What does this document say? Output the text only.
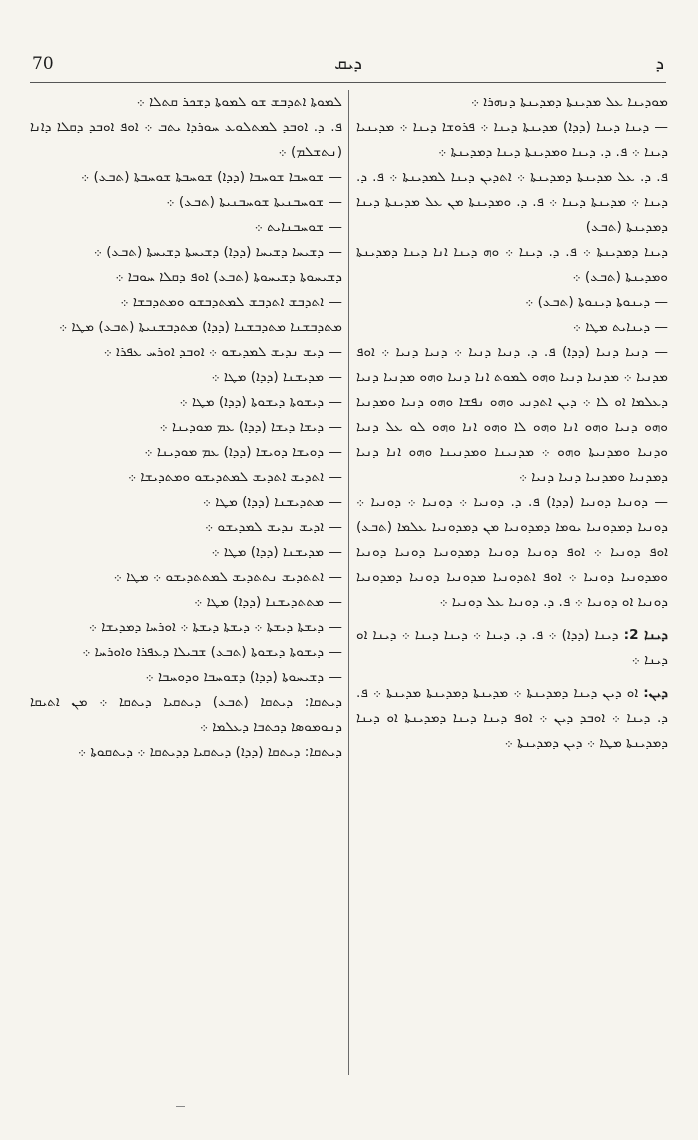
70	ܕܝܩ	ܕ

ܠܡܘܬܐ ܐܬܕܒܫ ܫܘ ܠܡܘܬܐ ܕܫܟܪ ܩܬܠܐ ܀

ܦ. ܕ. ܐܘܒܕ ܠܡܬܠܘܥ ܚܘܪܕܐ ܝܬܒ ܀ ܐܘܦ ܐܘܒܕ ܕܩܠܐ ܕܐܢܐ (ܢܬܫܠܡ) ܀

— ܫܘܚܒܐ ܫܘܚܒܐ (ܕܕܐ) ܫܘܚܒܬܐ ܫܘܚܒܬܐ (ܬܒܥ) ܀

— ܫܘܚܒܢܝܬܐ ܫܘܚܒܢܝܬܐ (ܬܒܥ) ܀

— ܫܘܚܒܢܐܝܬ ܀

— ܕܫܝܚܐ ܕܫܝܚܐ (ܕܕܐ) ܕܫܝܚܬܐ ܕܫܝܚܬܐ (ܬܒܥ) ܀

ܕܫܝܚܘܬܐ ܕܫܝܚܘܬܐ (ܬܒܥ) ܐܘܦ ܕܩܠܐ ܚܘܒܐ ܀

— ܐܬܕܒܫ ܐܬܕܒܫ ܠܡܬܕܒܫܘ ܘܡܬܕܒܫܐ ܀

ܡܬܕܒܫܢܐ ܡܬܕܒܫܢܐ (ܕܕܐ) ܡܬܕܒܫܢܝܬܐ (ܬܒܥ) ܡܛܐ ܀

— ܕܝܫ ܢܕܝܫ ܠܡܕܝܫܘ ܀ ܐܘܒܕ ܐܘܪܚ ܥܦܪܐ ܀

— ܡܕܝܫܢܐ (ܕܕܐ) ܡܛܐ ܀

— ܕܝܫܘܬܐ ܕܝܫܘܬܐ (ܕܕܐ) ܡܛܐ ܀

— ܕܝܫܐ ܕܝܫܐ (ܕܕܐ) ܥܡ ܡܘܕܝܢܐ ܀

— ܕܘܝܫܐ ܕܘܝܫܐ (ܕܕܐ) ܥܡ ܡܘܕܝܢܐ ܀

— ܐܬܕܝܫ ܐܬܕܝܫ ܠܡܬܕܝܫܘ ܘܡܬܕܝܫܐ ܀

— ܡܬܕܝܫܢܐ (ܕܕܐ) ܡܛܐ ܀

— ܐܕܝܫ ܢܕܝܫ ܠܡܕܝܫܘ ܀

— ܡܕܝܫܢܐ (ܕܕܐ) ܡܛܐ ܀

— ܐܬܬܕܝܫ ܢܬܬܕܝܫ ܠܡܬܬܕܝܫܘ ܀ ܡܛܐ ܀

— ܡܬܬܕܝܫܢܐ (ܕܕܐ) ܡܛܐ ܀

— ܕܝܫܬܐ ܕܝܫܬܐ ܀ ܕܝܫܬܐ ܕܝܫܬܐ ܀ ܐܘܪܚܐ ܕܡܕܝܫܐ ܀

— ܕܝܫܘܬܐ ܕܝܫܘܬܐ (ܬܒܥ) ܫܒܝܠܐ ܕܥܦܪܐ ܘܐܘܪܚܐ ܀

— ܕܫܝܚܘܬܐ (ܕܕܐ) ܕܫܘܚܒܐ ܘܕܘܚܒܐ ܀

ܕܝܬܩܐ: ܕܝܬܩܐ (ܬܒܥ) ܕܝܬܩܝܐ ܕܝܬܩܐ ܀ ܡܢ ܐܬܝܩܐ ܕܢܘܡܘܣܐ ܕܟܬܒܐ ܕܥܠܡܐ ܀

ܕܝܬܩܐ: ܕܝܬܩܐ (ܕܕܐ) ܕܝܬܩܝܐ ܕܕܝܬܩܐ ܀ ܕܝܬܩܘܬܐ ܀

ܡܘܕܝܢܐ ܥܠ ܡܕܝܢܬܐ ܕܡܕܝܢܬܐ ܕܢܗܪܐ ܀

— ܕܝܢܐ ܕܝܢܐ (ܕܕܐ) ܡܕܝܢܬܐ ܕܝܢܐ ܀ ܦܪܘܫܐ ܕܝܢܐ ܀ ܡܕܝܢܝܐ ܕܝܢܐ ܀ ܦ. ܕ. ܕܝܢܐ ܘܡܕܝܢܬܐ ܕܝܢܐ ܕܡܕܝܢܬܐ ܀

ܦ. ܕ. ܥܠ ܡܕܝܢܬܐ ܕܡܕܝܢܬܐ ܀ ܐܬܕܝܢ ܕܝܢܐ ܠܡܕܝܢܬܐ ܀ ܦ. ܕ. ܕܝܢܐ ܀ ܡܕܝܢܬܐ ܕܝܢܐ ܀ ܦ. ܕ. ܘܡܕܝܢܬܐ ܡܢ ܥܠ ܡܕܝܢܬܐ ܕܝܢܐ ܕܡܕܝܢܬܐ (ܬܒܥ)

ܕܝܢܐ ܕܡܕܝܢܬܐ ܀ ܦ. ܕ. ܕܝܢܐ ܀ ܘܗ ܕܝܢܐ ܐܢܐ ܕܝܢܐ ܕܡܕܝܢܬܐ ܘܡܕܝܢܬܐ (ܬܒܥ) ܀

— ܕܝܢܘܬܐ ܕܝܢܘܬܐ (ܬܒܥ) ܀

— ܕܝܢܐܝܬ ܡܛܐ ܀

— ܕܢܝܐ ܕܢܝܐ (ܕܕܐ) ܦ. ܕ. ܕܢܝܐ ܕܢܝܐ ܀ ܕܢܝܐ ܕܢܝܐ ܀ ܐܘܦ ܡܕܢܝܐ ܀ ܡܕܢܝܐ ܕܢܝܐ ܘܗܘ ܠܡܘܬ ܐܢܐ ܕܢܝܐ ܘܗܘ ܡܕܢܝܐ ܕܢܝܐ ܕܥܠܡܐ ܐܘ ܠܐ ܀ ܕܝܢ ܐܬܕܢܝ ܘܗܘ ܢܦܫܐ ܘܗܘ ܕܢܝܐ ܘܡܕܢܝܐ ܘܗܘ ܕܢܝܐ ܘܗܘ ܐܢܐ ܘܗܘ ܠܐ ܘܗܘ ܐܢܐ ܘܗܘ ܠܘ ܥܠ ܕܢܝܐ ܘܕܢܝܐ ܘܡܕܢܝܬܐ ܘܗܘ ܀ ܡܕܢܝܢܐ ܘܡܕܢܝܢܐ ܘܗܘ ܐܢܐ ܕܢܝܐ ܕܡܕܢܝܐ ܘܡܕܢܝܐ ܕܢܝܐ ܕܢܝܐ ܀

— ܕܘܢܝܐ ܕܘܢܝܐ (ܕܕܐ) ܦ. ܕ. ܕܘܢܝܐ ܀ ܕܘܢܝܐ ܀ ܕܘܢܝܐ ܀ ܕܘܢܝܐ ܕܡܕܘܢܝܐ ܝܘܡܐ ܕܡܕܘܢܝܐ ܡܢ ܕܡܕܘܢܝܐ ܥܠܡܐ (ܬܒܥ) ܐܘܦ ܕܘܢܝܐ ܀ ܐܘܦ ܕܘܢܝܐ ܕܘܢܝܐ ܕܡܕܘܢܝܐ ܕܘܢܝܐ ܕܘܢܝܐ ܘܡܕܘܢܝܐ ܕܘܢܝܐ ܀ ܐܘܦ ܐܬܕܘܢܝܐ ܡܕܘܢܝܐ ܕܘܢܝܐ ܕܡܕܘܢܝܐ ܕܘܢܝܐ ܐܘ ܕܘܢܝܐ ܀ ܦ. ܕ. ܕܘܢܝܐ ܥܠ ܕܘܢܝܐ ܀

ܕܝܢܐ 2: ܕܝܢܐ (ܕܕܐ) ܀ ܦ. ܕ. ܕܝܢܐ ܀ ܕܝܢܐ ܕܝܢܐ ܀ ܕܝܢܐ ܐܘ ܕܝܢܐ ܀

ܕܝܢ: ܐܘ ܕܝܢ ܕܝܢܐ ܕܡܕܝܢܬܐ ܀ ܡܕܝܢܬܐ ܕܡܕܝܢܬܐ ܡܕܝܢܬܐ ܀ ܦ. ܕ. ܕܝܢܐ ܀ ܐܘܒܕ ܕܝܢ ܀ ܐܘܦ ܕܝܢܐ ܕܝܢܐ ܕܡܕܝܢܬܐ ܐܘ ܕܝܢܐ ܕܡܕܝܢܬܐ ܡܛܐ ܀ ܕܝܢ ܕܡܕܝܢܬܐ ܀
